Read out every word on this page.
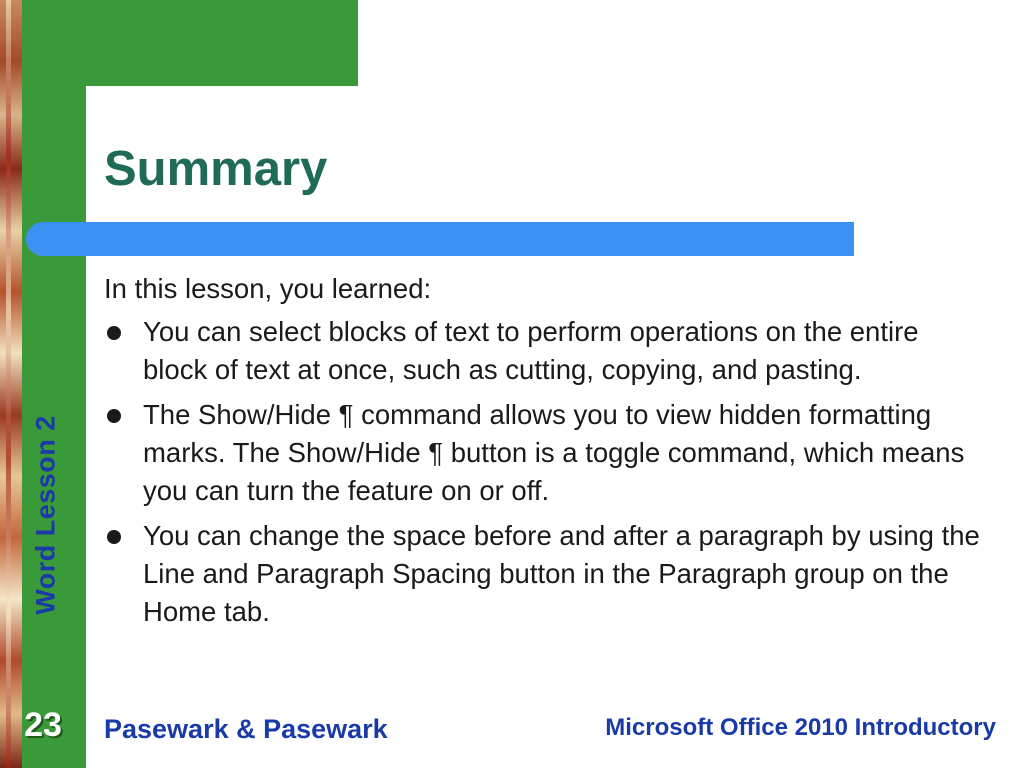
Word Lesson 2
23
Summary

In this lesson, you learned:

You can select blocks of text to perform operations on the entire block of text at once, such as cutting, copying, and pasting.
The Show/Hide ¶ command allows you to view hidden formatting marks. The Show/Hide ¶ button is a toggle command, which means you can turn the feature on or off.
You can change the space before and after a paragraph by using the Line and Paragraph Spacing button in the Paragraph group on the Home tab.
Pasewark & Pasewark	Microsoft Office 2010 Introductory
